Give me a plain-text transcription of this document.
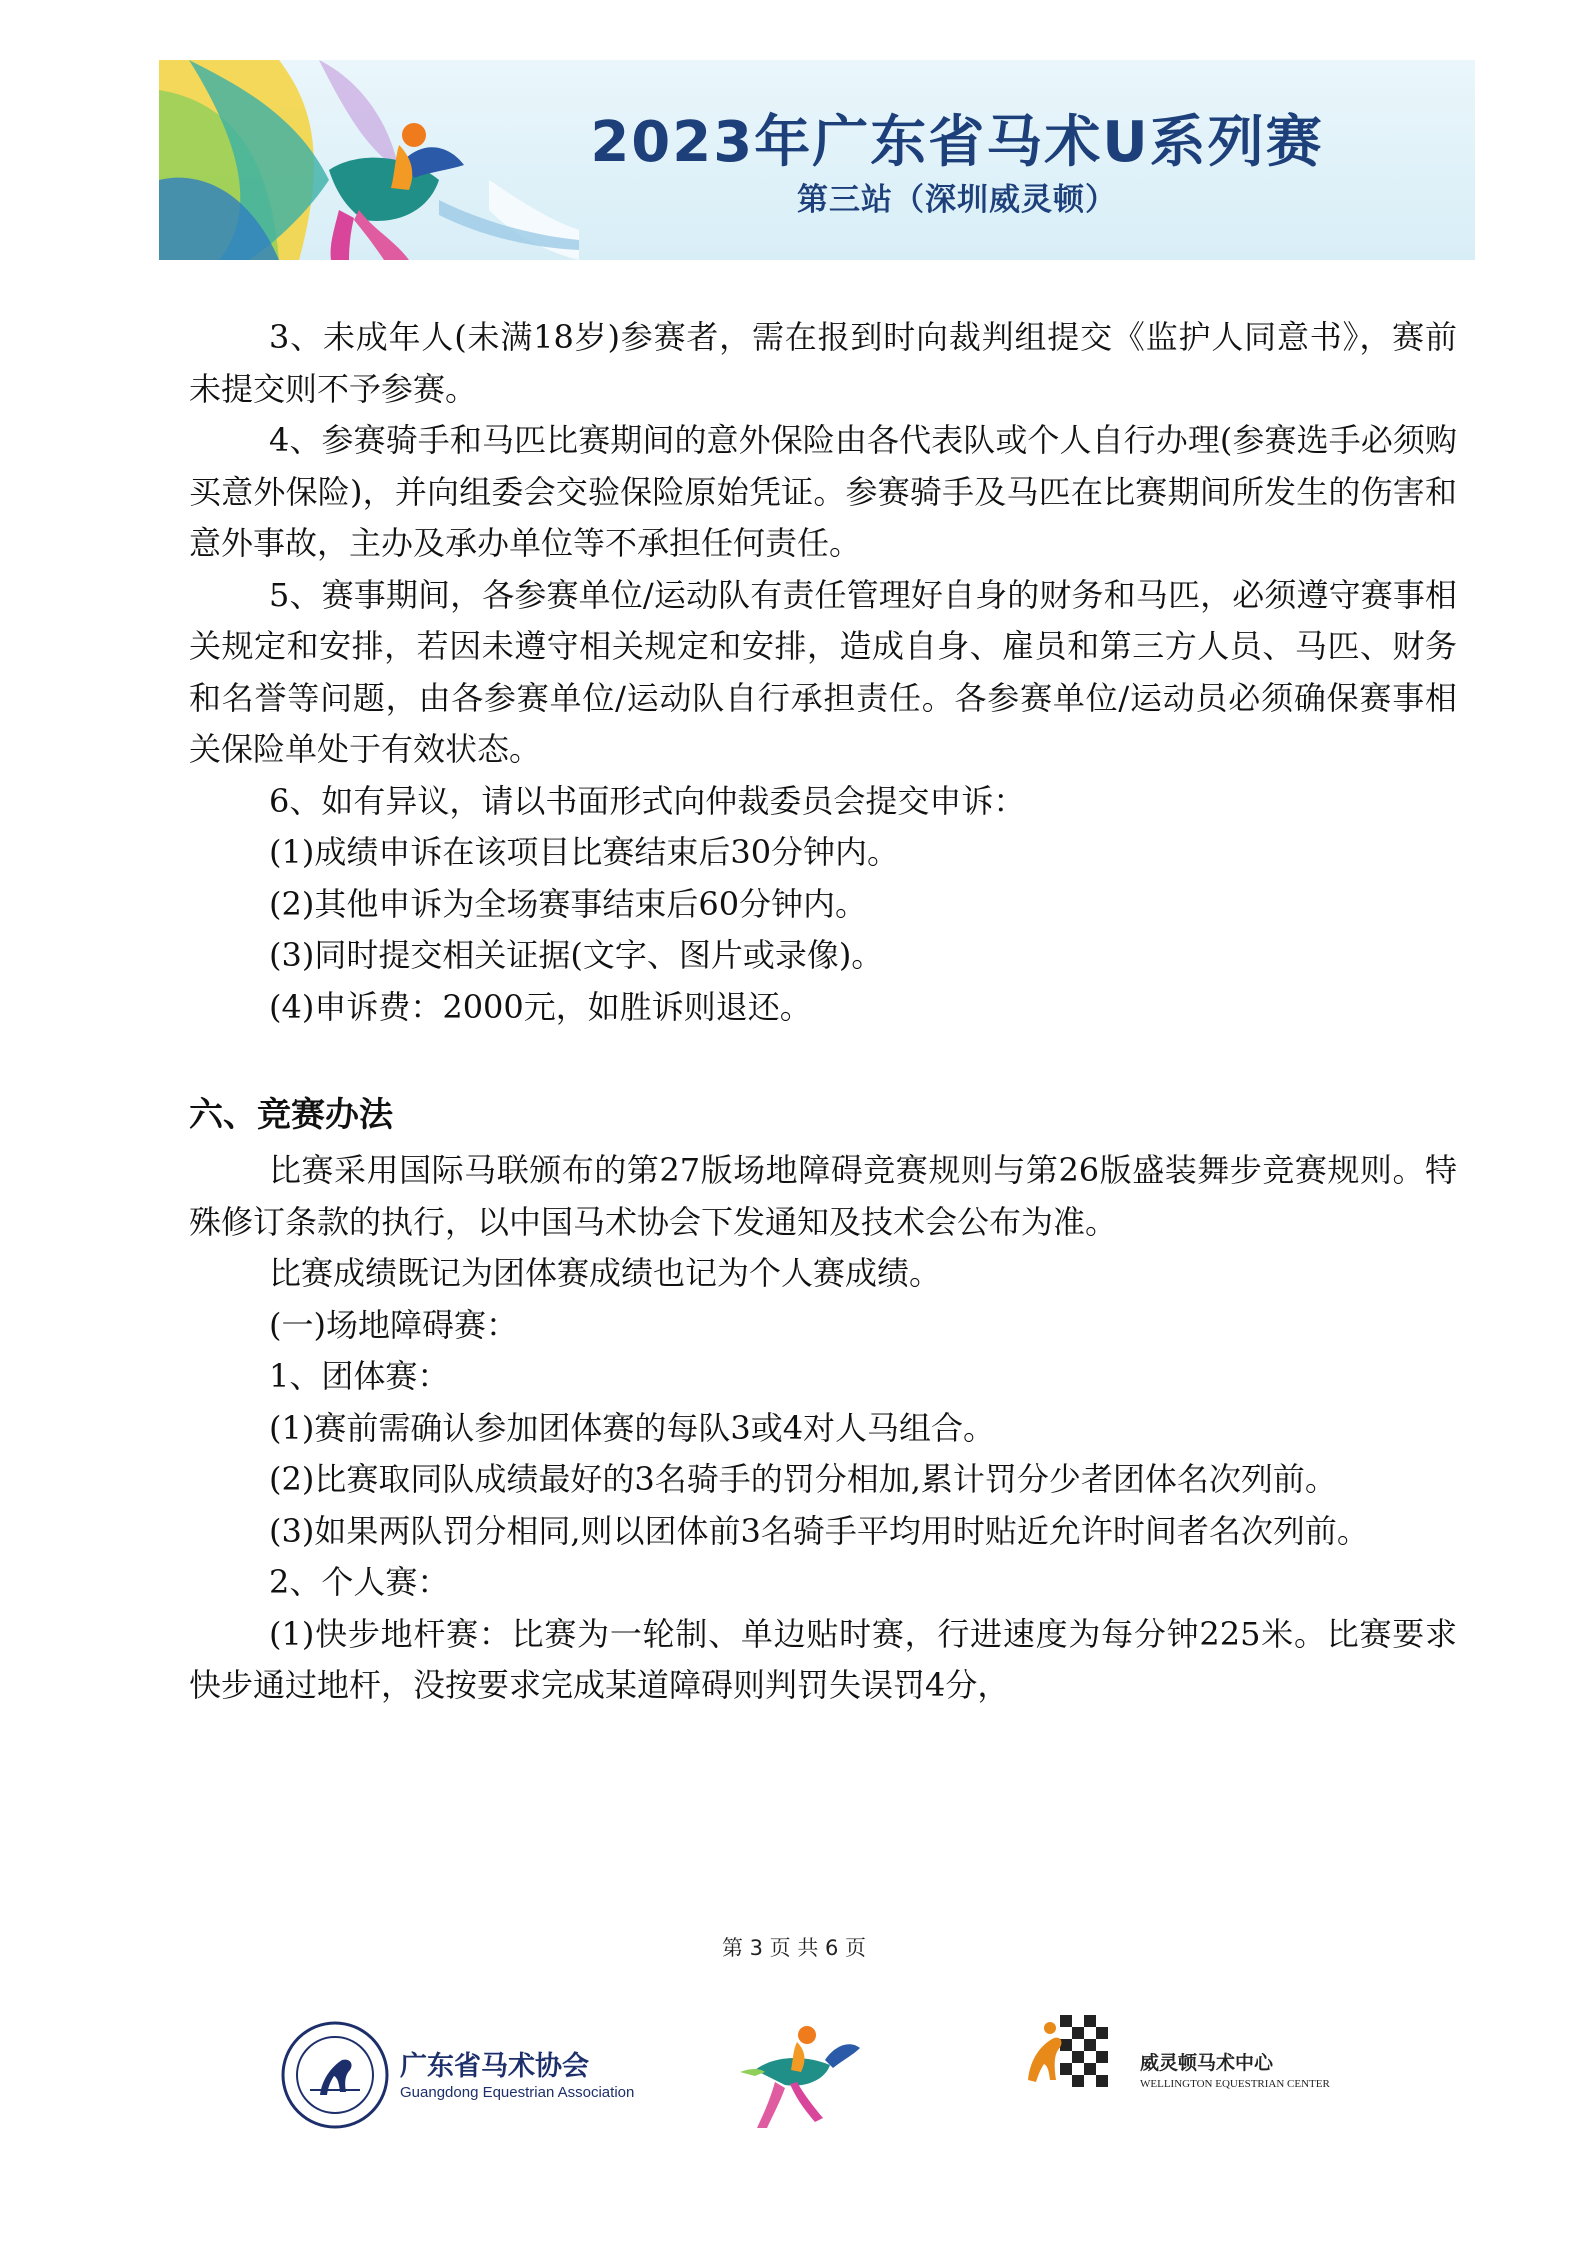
2023年广东省马术U系列赛
第三站（深圳威灵顿）

3、未成年人(未满18岁)参赛者，需在报到时向裁判组提交《监护人同意书》，赛前未提交则不予参赛。

4、参赛骑手和马匹比赛期间的意外保险由各代表队或个人自行办理(参赛选手必须购买意外保险)，并向组委会交验保险原始凭证。参赛骑手及马匹在比赛期间所发生的伤害和意外事故，主办及承办单位等不承担任何责任。

5、赛事期间，各参赛单位/运动队有责任管理好自身的财务和马匹，必须遵守赛事相关规定和安排，若因未遵守相关规定和安排，造成自身、雇员和第三方人员、马匹、财务和名誉等问题，由各参赛单位/运动队自行承担责任。各参赛单位/运动员必须确保赛事相关保险单处于有效状态。

6、如有异议，请以书面形式向仲裁委员会提交申诉：

(1)成绩申诉在该项目比赛结束后30分钟内。

(2)其他申诉为全场赛事结束后60分钟内。

(3)同时提交相关证据(文字、图片或录像)。

(4)申诉费：2000元，如胜诉则退还。

六、竞赛办法

比赛采用国际马联颁布的第27版场地障碍竞赛规则与第26版盛装舞步竞赛规则。特殊修订条款的执行，以中国马术协会下发通知及技术会公布为准。

比赛成绩既记为团体赛成绩也记为个人赛成绩。

(一)场地障碍赛：

1、团体赛：

(1)赛前需确认参加团体赛的每队3或4对人马组合。

(2)比赛取同队成绩最好的3名骑手的罚分相加,累计罚分少者团体名次列前。

(3)如果两队罚分相同,则以团体前3名骑手平均用时贴近允许时间者名次列前。

2、个人赛：

(1)快步地杆赛：比赛为一轮制、单边贴时赛，行进速度为每分钟225米。比赛要求快步通过地杆，没按要求完成某道障碍则判罚失误罚4分，

第 3 页 共 6 页
广东省马术协会
Guangdong Equestrian Association
威灵顿马术中心
WELLINGTON EQUESTRIAN CENTER
